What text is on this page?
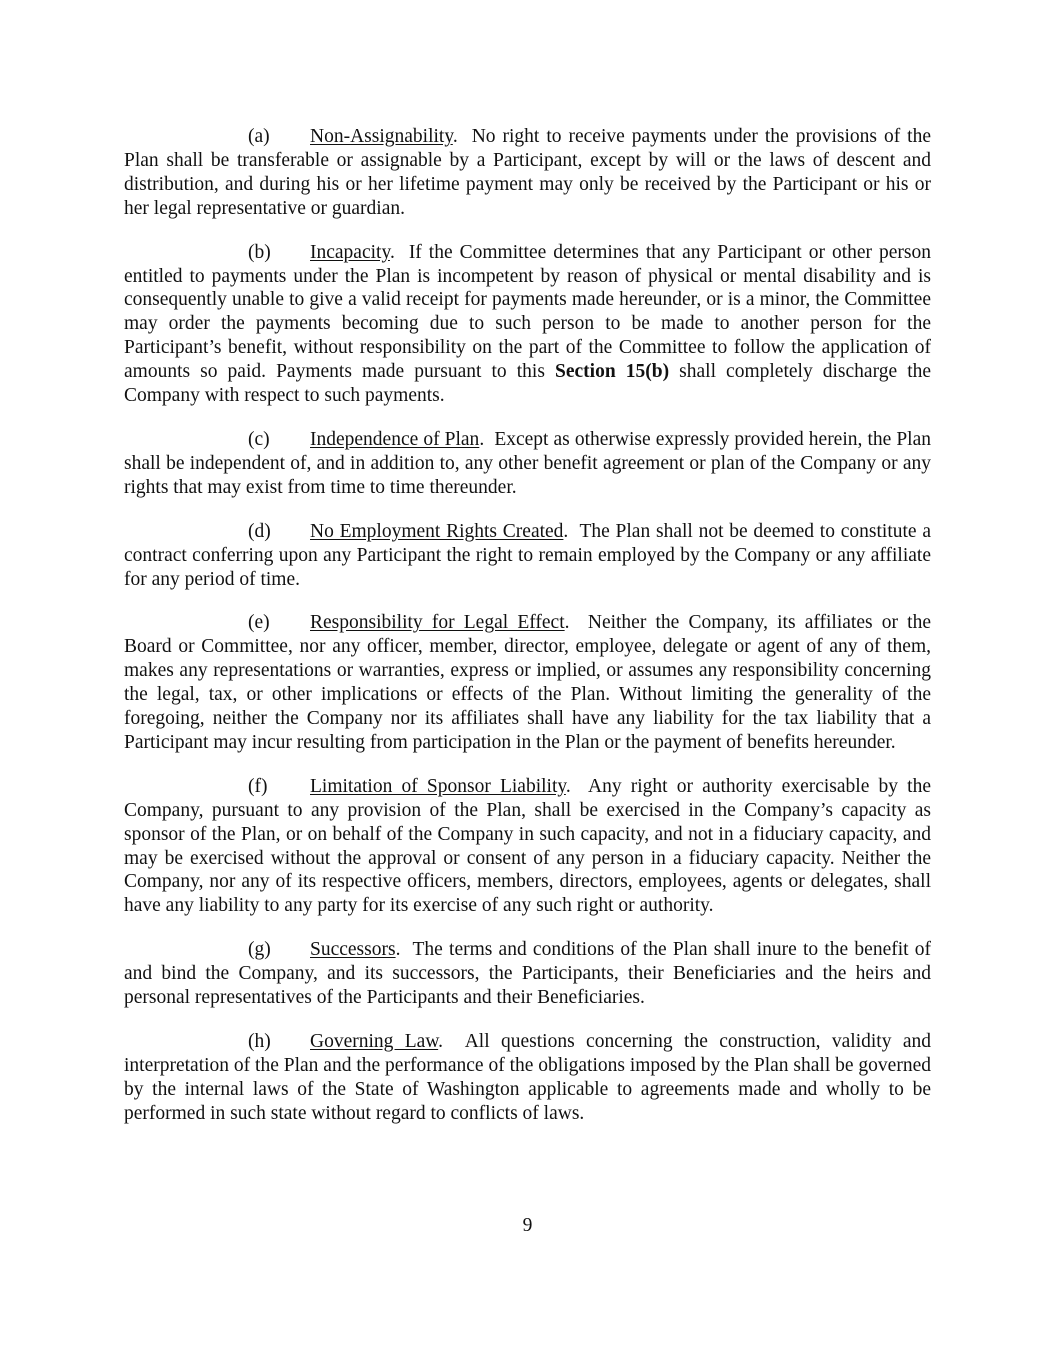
(a) Non-Assignability. No right to receive payments under the provisions of the Plan shall be transferable or assignable by a Participant, except by will or the laws of descent and distribution, and during his or her lifetime payment may only be received by the Participant or his or her legal representative or guardian.

(b) Incapacity. If the Committee determines that any Participant or other person entitled to payments under the Plan is incompetent by reason of physical or mental disability and is consequently unable to give a valid receipt for payments made hereunder, or is a minor, the Committee may order the payments becoming due to such person to be made to another person for the Participant’s benefit, without responsibility on the part of the Committee to follow the application of amounts so paid. Payments made pursuant to this Section 15(b) shall completely discharge the Company with respect to such payments.

(c) Independence of Plan. Except as otherwise expressly provided herein, the Plan shall be independent of, and in addition to, any other benefit agreement or plan of the Company or any rights that may exist from time to time thereunder.

(d) No Employment Rights Created. The Plan shall not be deemed to constitute a contract conferring upon any Participant the right to remain employed by the Company or any affiliate for any period of time.

(e) Responsibility for Legal Effect. Neither the Company, its affiliates or the Board or Committee, nor any officer, member, director, employee, delegate or agent of any of them, makes any representations or warranties, express or implied, or assumes any responsibility concerning the legal, tax, or other implications or effects of the Plan. Without limiting the generality of the foregoing, neither the Company nor its affiliates shall have any liability for the tax liability that a Participant may incur resulting from participation in the Plan or the payment of benefits hereunder.

(f) Limitation of Sponsor Liability. Any right or authority exercisable by the Company, pursuant to any provision of the Plan, shall be exercised in the Company’s capacity as sponsor of the Plan, or on behalf of the Company in such capacity, and not in a fiduciary capacity, and may be exercised without the approval or consent of any person in a fiduciary capacity. Neither the Company, nor any of its respective officers, members, directors, employees, agents or delegates, shall have any liability to any party for its exercise of any such right or authority.

(g) Successors. The terms and conditions of the Plan shall inure to the benefit of and bind the Company, and its successors, the Participants, their Beneficiaries and the heirs and personal representatives of the Participants and their Beneficiaries.

(h) Governing Law. All questions concerning the construction, validity and interpretation of the Plan and the performance of the obligations imposed by the Plan shall be governed by the internal laws of the State of Washington applicable to agreements made and wholly to be performed in such state without regard to conflicts of laws.

9
